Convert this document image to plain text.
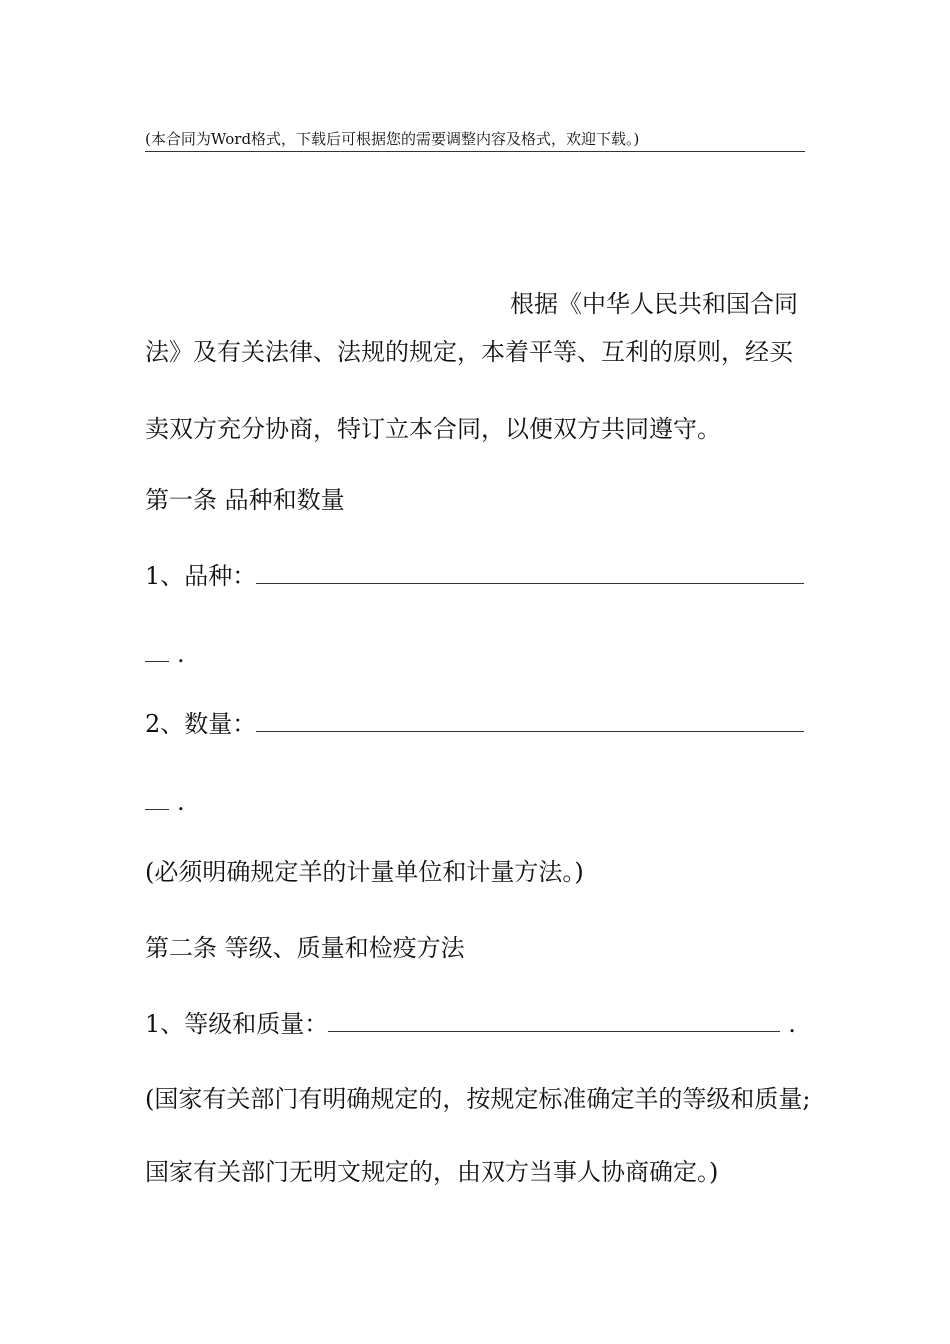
(本合同为Word格式，下载后可根据您的需要调整内容及格式，欢迎下载。)
根据《中华人民共和国合同
法》及有关法律、法规的规定，本着平等、互利的原则，经买
卖双方充分协商，特订立本合同，以便双方共同遵守。
第一条 品种和数量
1、品种：
.
2、数量：
.
(必须明确规定羊的计量单位和计量方法。)
第二条 等级、质量和检疫方法
1、等级和质量：	.
(国家有关部门有明确规定的，按规定标准确定羊的等级和质量;
国家有关部门无明文规定的，由双方当事人协商确定。)
